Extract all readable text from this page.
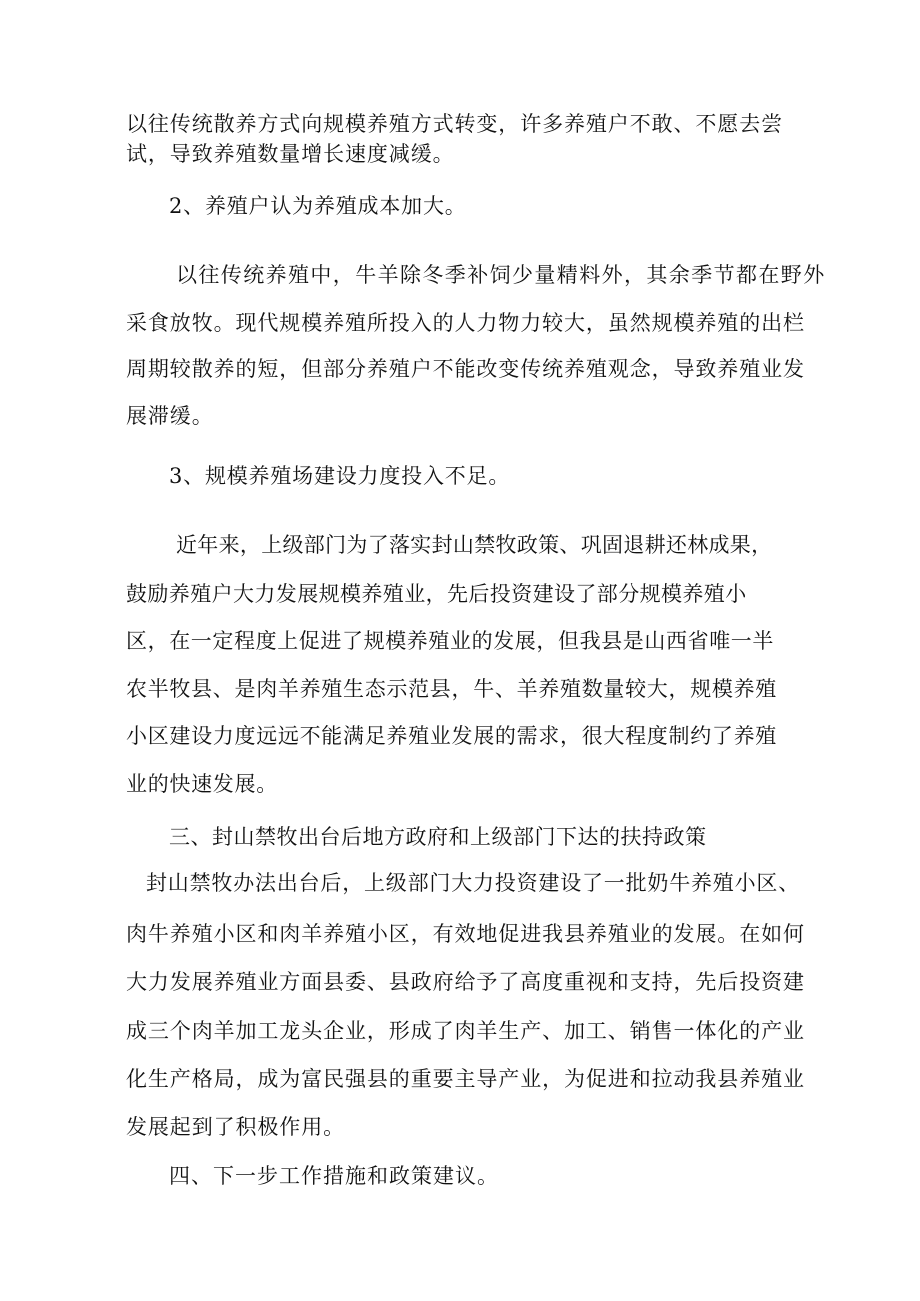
以往传统散养方式向规模养殖方式转变，许多养殖户不敢、不愿去尝
试，导致养殖数量增长速度减缓。
2、养殖户认为养殖成本加大。
以往传统养殖中，牛羊除冬季补饲少量精料外，其余季节都在野外
采食放牧。现代规模养殖所投入的人力物力较大，虽然规模养殖的出栏
周期较散养的短，但部分养殖户不能改变传统养殖观念，导致养殖业发
展滞缓。
3、规模养殖场建设力度投入不足。
近年来，上级部门为了落实封山禁牧政策、巩固退耕还林成果，
鼓励养殖户大力发展规模养殖业，先后投资建设了部分规模养殖小
区，在一定程度上促进了规模养殖业的发展，但我县是山西省唯一半
农半牧县、是肉羊养殖生态示范县，牛、羊养殖数量较大，规模养殖
小区建设力度远远不能满足养殖业发展的需求，很大程度制约了养殖
业的快速发展。
三、封山禁牧出台后地方政府和上级部门下达的扶持政策
封山禁牧办法出台后，上级部门大力投资建设了一批奶牛养殖小区、
肉牛养殖小区和肉羊养殖小区，有效地促进我县养殖业的发展。在如何
大力发展养殖业方面县委、县政府给予了高度重视和支持，先后投资建
成三个肉羊加工龙头企业，形成了肉羊生产、加工、销售一体化的产业
化生产格局，成为富民强县的重要主导产业，为促进和拉动我县养殖业
发展起到了积极作用。
四、下一步工作措施和政策建议。
